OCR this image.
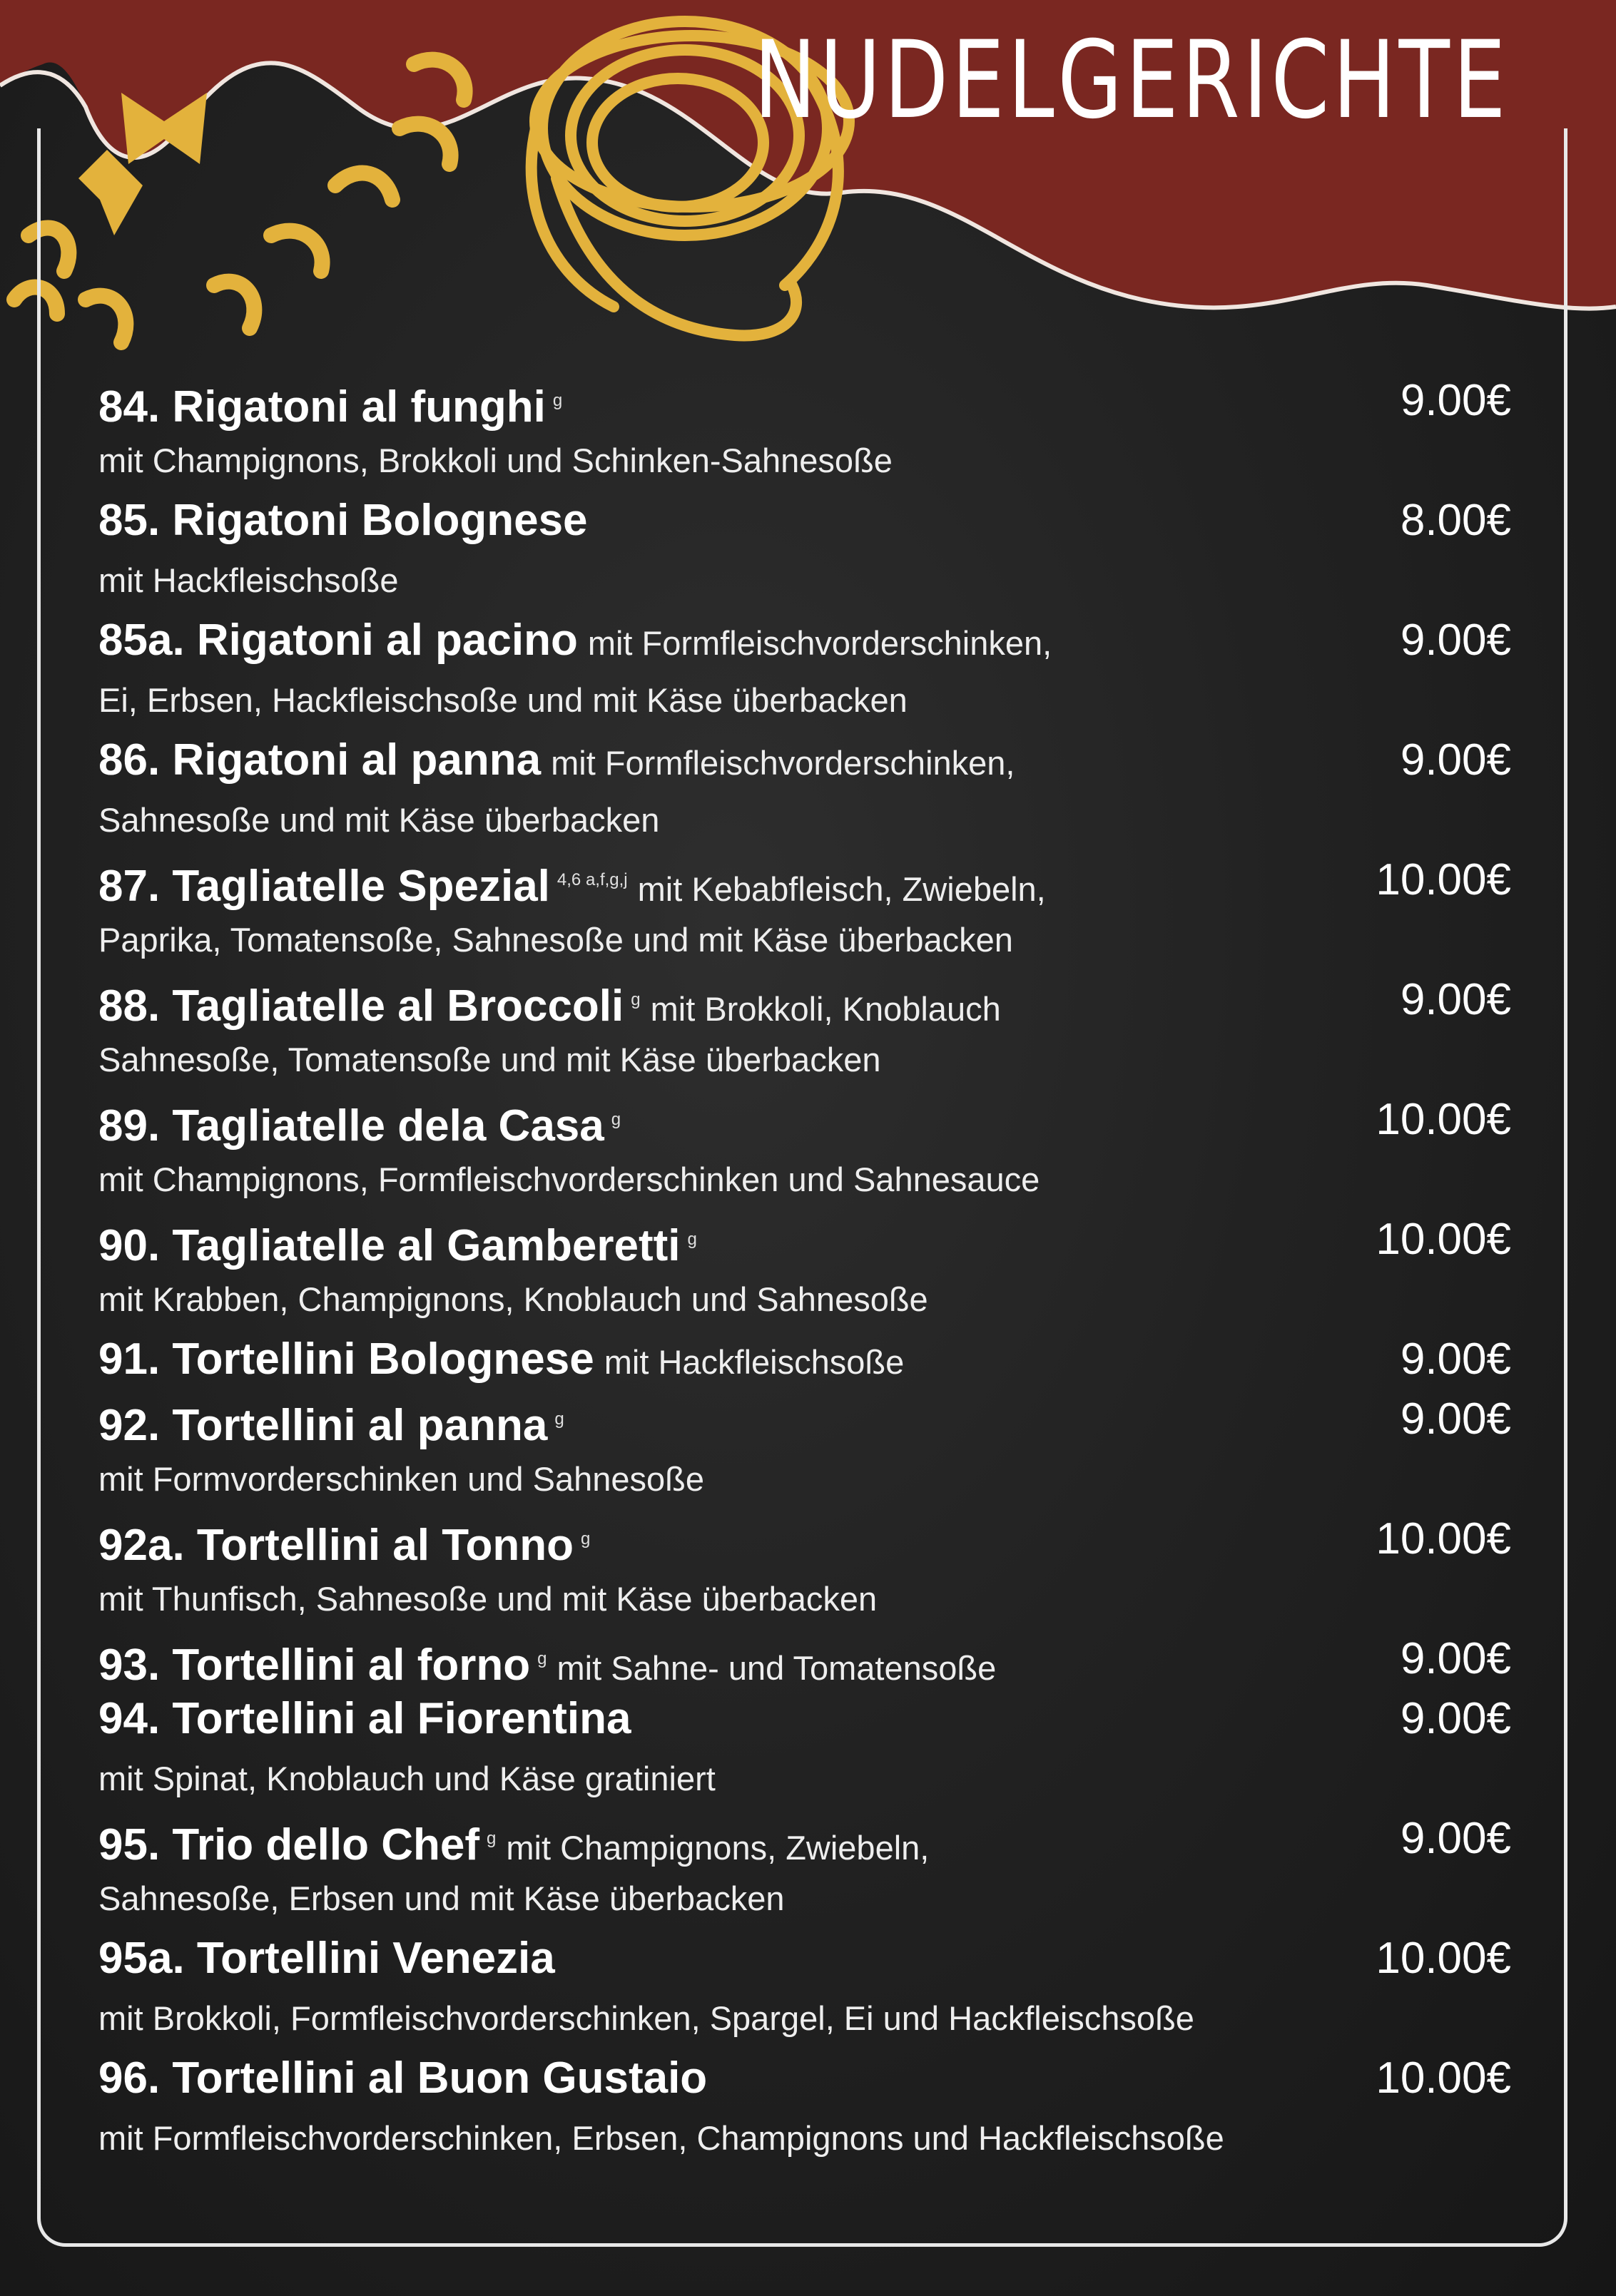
NUDELGERICHTE
84. Rigatoni al funghi g	9.00€
mit Champignons, Brokkoli und Schinken-Sahnesoße
85. Rigatoni Bolognese	8.00€
mit Hackfleischsoße
85a. Rigatoni al pacino mit Formfleischvorderschinken,	9.00€
Ei, Erbsen, Hackfleischsoße und mit Käse überbacken
86. Rigatoni al panna mit Formfleischvorderschinken,	9.00€
Sahnesoße und mit Käse überbacken
87. Tagliatelle Spezial 4,6 a,f,g,j mit Kebabfleisch, Zwiebeln,	10.00€
Paprika, Tomatensoße, Sahnesoße und mit Käse überbacken
88. Tagliatelle al Broccoli g mit Brokkoli, Knoblauch	9.00€
Sahnesoße, Tomatensoße und mit Käse überbacken
89. Tagliatelle dela Casa g	10.00€
mit Champignons, Formfleischvorderschinken und Sahnesauce
90. Tagliatelle al Gamberetti g	10.00€
mit Krabben, Champignons, Knoblauch und Sahnesoße
91. Tortellini Bolognese mit Hackfleischsoße	9.00€
92. Tortellini al panna g	9.00€
mit Formvorderschinken und Sahnesoße
92a. Tortellini al Tonno g	10.00€
mit Thunfisch, Sahnesoße und mit Käse überbacken
93. Tortellini al forno g mit Sahne- und Tomatensoße	9.00€
94. Tortellini al Fiorentina	9.00€
mit Spinat, Knoblauch und Käse gratiniert
95. Trio dello Chef g mit Champignons, Zwiebeln,	9.00€
Sahnesoße, Erbsen und mit Käse überbacken
95a. Tortellini Venezia	10.00€
mit Brokkoli, Formfleischvorderschinken, Spargel, Ei und Hackfleischsoße
96. Tortellini al Buon Gustaio	10.00€
mit Formfleischvorderschinken, Erbsen, Champignons und Hackfleischsoße
